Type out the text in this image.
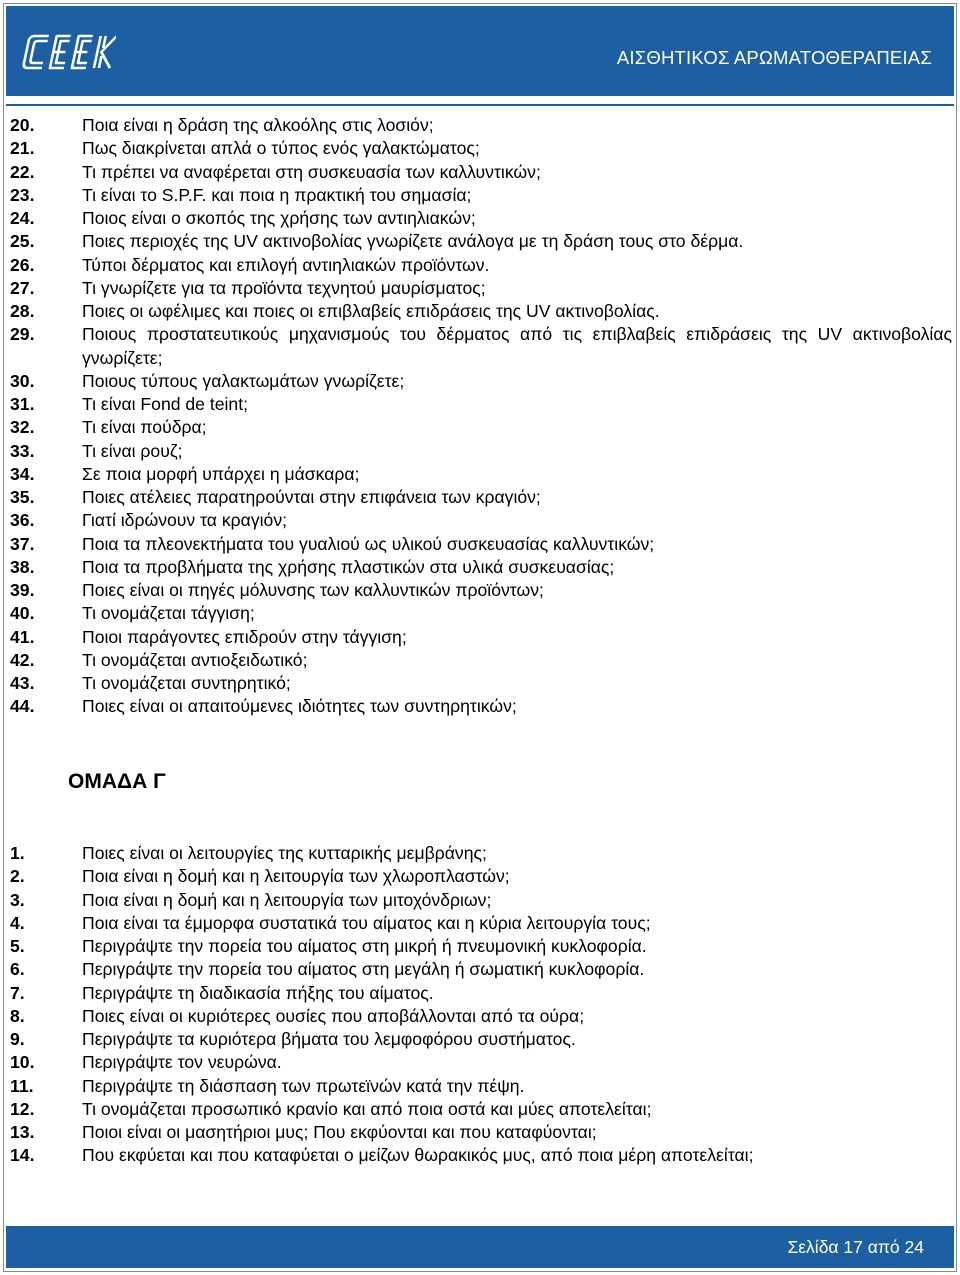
ΑΙΣΘΗΤΙΚΟΣ ΑΡΩΜΑΤΟΘΕΡΑΠΕΙΑΣ
20.	Ποια είναι η δράση της αλκοόλης στις λοσιόν;
21.	Πως διακρίνεται απλά ο τύπος ενός γαλακτώματος;
22.	Τι πρέπει να αναφέρεται στη συσκευασία των καλλυντικών;
23.	Τι είναι το S.P.F. και ποια η πρακτική του σημασία;
24.	Ποιος είναι ο σκοπός της χρήσης των αντιηλιακών;
25.	Ποιες περιοχές της UV ακτινοβολίας γνωρίζετε ανάλογα με τη δράση τους στο δέρμα.
26.	Τύποι δέρματος και επιλογή αντιηλιακών προϊόντων.
27.	Τι γνωρίζετε για τα προϊόντα τεχνητού μαυρίσματος;
28.	Ποιες οι ωφέλιμες και ποιες οι επιβλαβείς επιδράσεις της UV ακτινοβολίας.
29.	Ποιους προστατευτικούς μηχανισμούς του δέρματος από τις επιβλαβείς επιδράσεις της UV ακτινοβολίας γνωρίζετε;
30.	Ποιους τύπους γαλακτωμάτων γνωρίζετε;
31.	Τι είναι Fond de teint;
32.	Τι είναι πούδρα;
33.	Τι είναι ρουζ;
34.	Σε ποια μορφή υπάρχει η μάσκαρα;
35.	Ποιες ατέλειες παρατηρούνται στην επιφάνεια των κραγιόν;
36.	Γιατί ιδρώνουν τα κραγιόν;
37.	Ποια τα πλεονεκτήματα του γυαλιού ως υλικού συσκευασίας καλλυντικών;
38.	Ποια τα προβλήματα της χρήσης πλαστικών στα υλικά συσκευασίας;
39.	Ποιες είναι οι πηγές μόλυνσης των καλλυντικών προϊόντων;
40.	Τι ονομάζεται τάγγιση;
41.	Ποιοι παράγοντες επιδρούν στην τάγγιση;
42.	Τι ονομάζεται αντιοξειδωτικό;
43.	Τι ονομάζεται συντηρητικό;
44.	Ποιες είναι οι απαιτούμενες ιδιότητες των συντηρητικών;
ΟΜΑΔΑ Γ
1.	Ποιες είναι οι λειτουργίες της κυτταρικής μεμβράνης;
2.	Ποια είναι η δομή και η λειτουργία των χλωροπλαστών;
3.	Ποια είναι η δομή και η λειτουργία των μιτοχόνδριων;
4.	Ποια είναι τα έμμορφα συστατικά του αίματος και η κύρια λειτουργία τους;
5.	Περιγράψτε την πορεία του αίματος στη μικρή ή πνευμονική κυκλοφορία.
6.	Περιγράψτε την πορεία του αίματος στη μεγάλη ή σωματική κυκλοφορία.
7.	Περιγράψτε τη διαδικασία πήξης του αίματος.
8.	Ποιες είναι οι κυριότερες ουσίες που αποβάλλονται από τα ούρα;
9.	Περιγράψτε τα κυριότερα βήματα του λεμφοφόρου συστήματος.
10.	Περιγράψτε τον νευρώνα.
11.	Περιγράψτε τη διάσπαση των πρωτεϊνών κατά την πέψη.
12.	Τι ονομάζεται προσωπικό κρανίο και από ποια οστά και μύες αποτελείται;
13.	Ποιοι είναι οι μασητήριοι μυς; Που εκφύονται και που καταφύονται;
14.	Που εκφύεται και που καταφύεται ο μείζων θωρακικός μυς, από ποια μέρη αποτελείται;
Σελίδα 17 από 24
